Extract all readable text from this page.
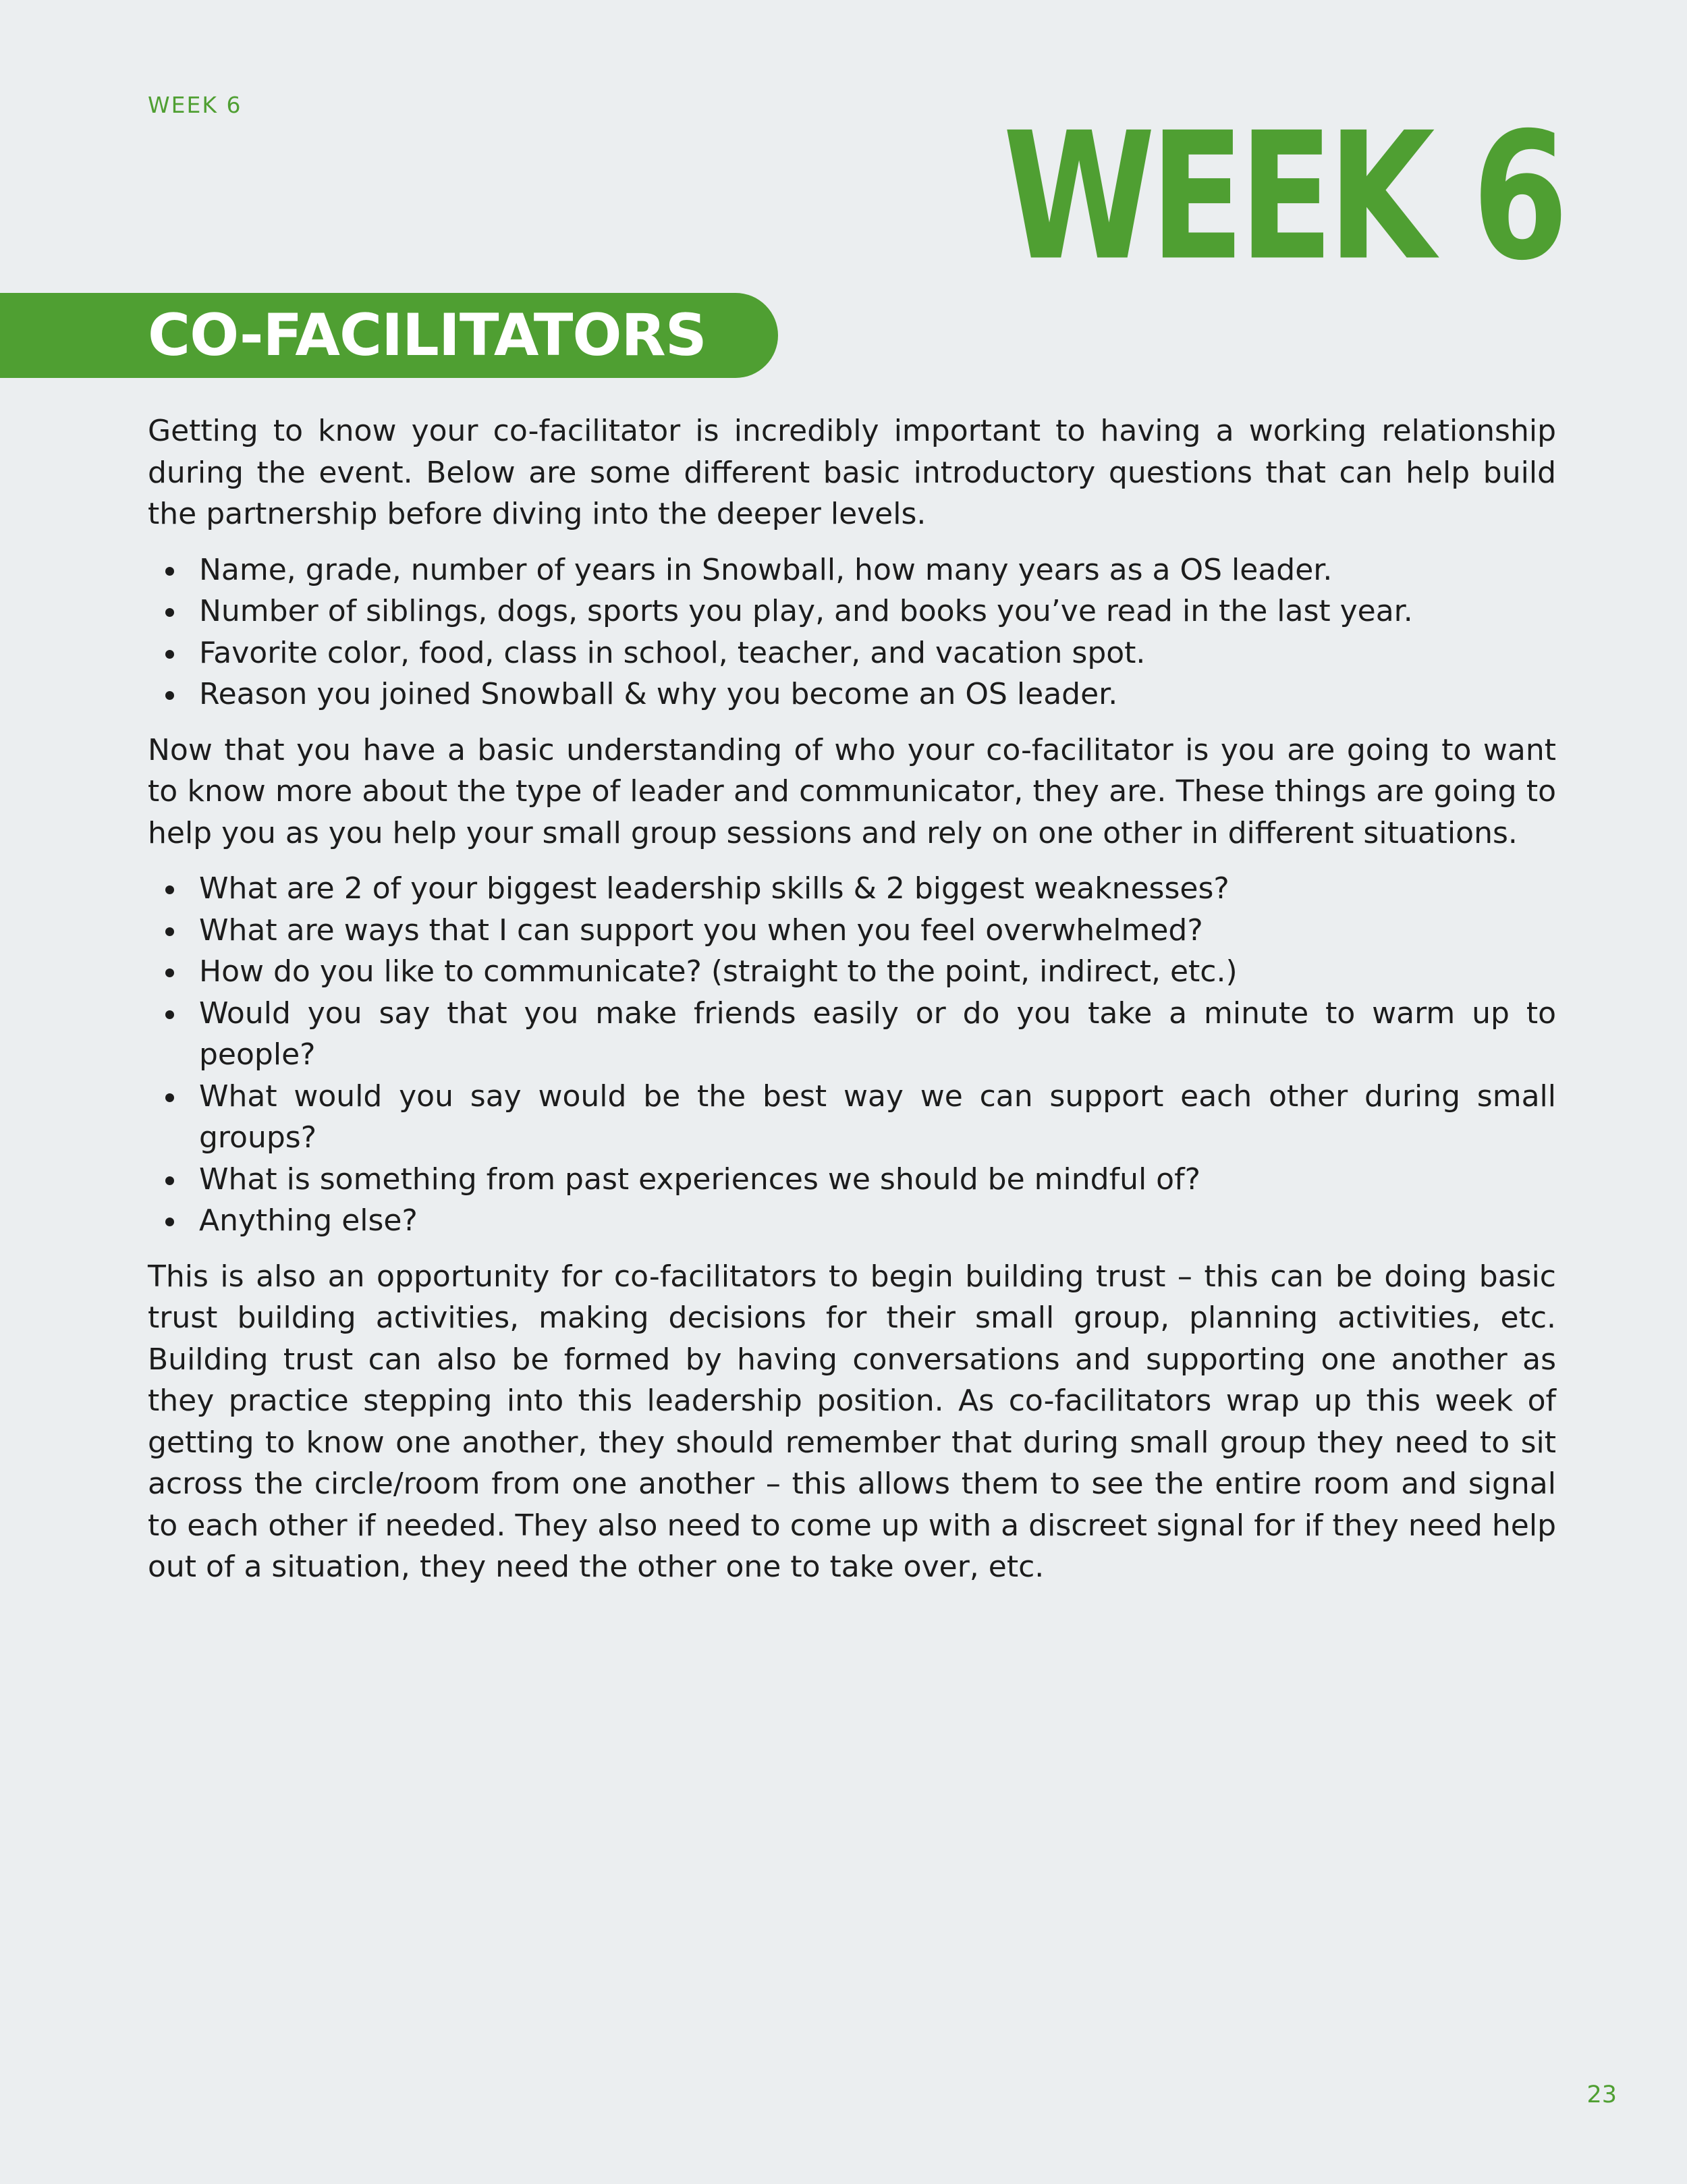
WEEK 6	WEEK 6
CO-FACILITATORS

Getting to know your co-facilitator is incredibly important to having a working relationship during the event. Below are some different basic introductory questions that can help build the partnership before diving into the deeper levels.

Name, grade, number of years in Snowball, how many years as a OS leader.
Number of siblings, dogs, sports you play, and books you’ve read in the last year.
Favorite color, food, class in school, teacher, and vacation spot.
Reason you joined Snowball & why you become an OS leader.

Now that you have a basic understanding of who your co-facilitator is you are going to want to know more about the type of leader and communicator, they are. These things are going to help you as you help your small group sessions and rely on one other in different situations.

What are 2 of your biggest leadership skills & 2 biggest weaknesses?
What are ways that I can support you when you feel overwhelmed?
How do you like to communicate? (straight to the point, indirect, etc.)
Would you say that you make friends easily or do you take a minute to warm up to people?
What would you say would be the best way we can support each other during small groups?
What is something from past experiences we should be mindful of?
Anything else?

This is also an opportunity for co-facilitators to begin building trust – this can be doing basic trust building activities, making decisions for their small group, planning activities, etc. Building trust can also be formed by having conversations and supporting one another as they practice stepping into this leadership position. As co-facilitators wrap up this week of getting to know one another, they should remember that during small group they need to sit across the circle/room from one another – this allows them to see the entire room and signal to each other if needed. They also need to come up with a discreet signal for if they need help out of a situation, they need the other one to take over, etc.

23
